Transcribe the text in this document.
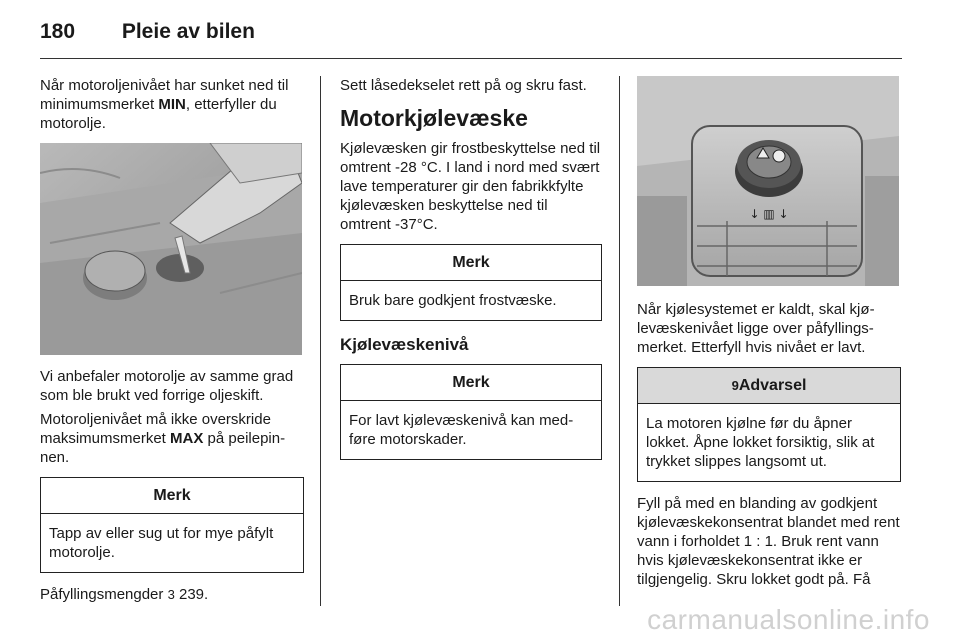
180 Pleie av bilen

Når motoroljenivået har sunket ned til minimumsmerket MIN, etterfyller du motorolje.

Vi anbefaler motorolje av samme grad som ble brukt ved forrige oljeskift.

Motoroljenivået må ikke overskride maksimumsmerket MAX på peilepinnen.

Merk
Tapp av eller sug ut for mye påfylt motorolje.

Påfyllingsmengder 3 239.

Sett låsedekselet rett på og skru fast.

Motorkjølevæske

Kjølevæsken gir frostbeskyttelse ned til omtrent -28 °C. I land i nord med svært lave temperaturer gir den fabrikkfylte kjølevæsken beskyttelse ned til omtrent -37°C.

Merk
Bruk bare godkjent frostvæske.
Kjølevæskenivå
Merk
For lavt kjølevæskenivå kan medføre motorskader.
↓ ▥ ↓

Når kjølesystemet er kaldt, skal kjølevæskenivået ligge over påfyllingsmerket. Etterfyll hvis nivået er lavt.

9Advarsel
La motoren kjølne før du åpner lokket. Åpne lokket forsiktig, slik at trykket slippes langsomt ut.

Fyll på med en blanding av godkjent kjølevæskekonsentrat blandet med rent vann i forholdet 1 : 1. Bruk rent vann hvis kjølevæskekonsentrat ikke er tilgjengelig. Skru lokket godt på. Få

carmanualsonline.info
